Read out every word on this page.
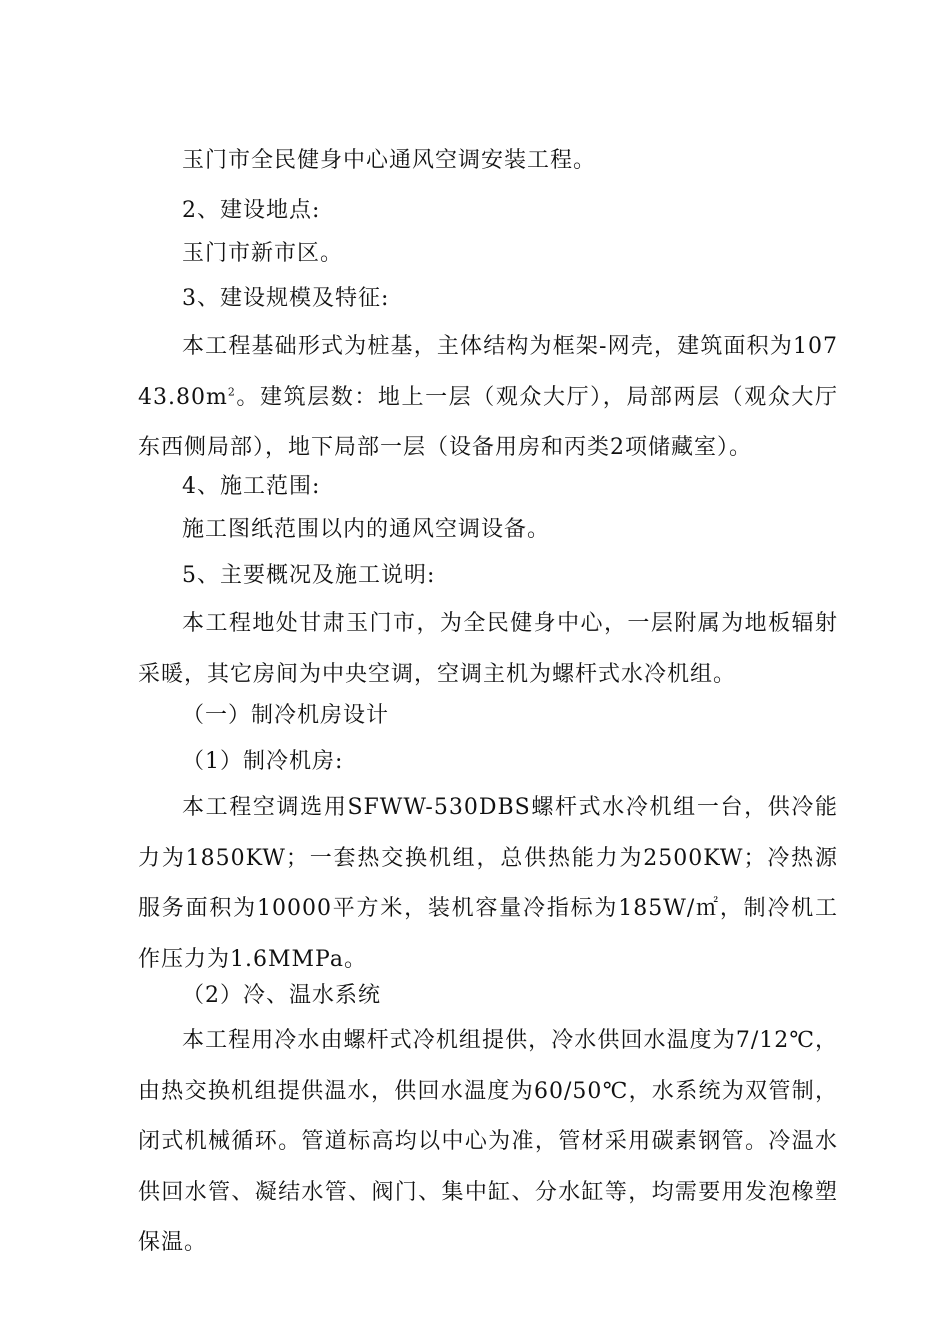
玉门市全民健身中心通风空调安装工程。

2、建设地点:

玉门市新市区。

3、建设规模及特征:

本工程基础形式为桩基，主体结构为框架-网壳，建筑面积为$10743.80m^2$。建筑层数：地上一层（观众大厅），局部两层（观众大厅东西侧局部），地下局部一层（设备用房和丙类2项储藏室）。

4、施工范围:

施工图纸范围以内的通风空调设备。

5、主要概况及施工说明:

本工程地处甘肃玉门市，为全民健身中心，一层附属为地板辐射采暖，其它房间为中央空调，空调主机为螺杆式水冷机组。

（一）制冷机房设计

（1）制冷机房:

本工程空调选用SFWW-530DBS螺杆式水冷机组一台，供冷能力为1850KW；一套热交换机组，总供热能力为2500KW；冷热源服务面积为10000平方米，装机容量冷指标为185W/㎡，制冷机工作压力为1.6MMPa。

（2）冷、温水系统

本工程用冷水由螺杆式冷机组提供，冷水供回水温度为7/12℃，由热交换机组提供温水，供回水温度为60/50℃，水系统为双管制，闭式机械循环。管道标高均以中心为准，管材采用碳素钢管。冷温水供回水管、凝结水管、阀门、集中缸、分水缸等，均需要用发泡橡塑保温。
